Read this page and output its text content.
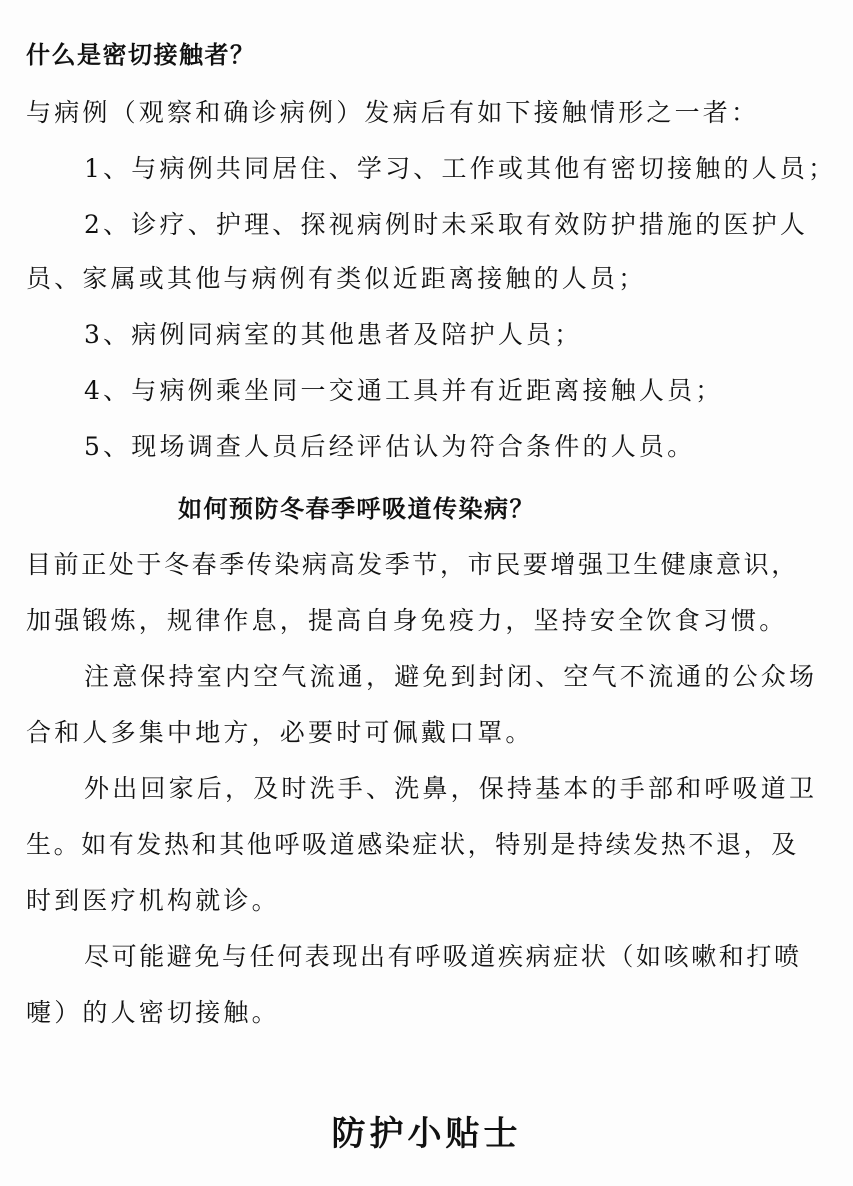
什么是密切接触者？
与病例（观察和确诊病例）发病后有如下接触情形之一者：
1、与病例共同居住、学习、工作或其他有密切接触的人员；
2、诊疗、护理、探视病例时未采取有效防护措施的医护人
员、家属或其他与病例有类似近距离接触的人员；
3、病例同病室的其他患者及陪护人员；
4、与病例乘坐同一交通工具并有近距离接触人员；
5、现场调查人员后经评估认为符合条件的人员。
如何预防冬春季呼吸道传染病？
目前正处于冬春季传染病高发季节，市民要增强卫生健康意识，
加强锻炼，规律作息，提高自身免疫力，坚持安全饮食习惯。
注意保持室内空气流通，避免到封闭、空气不流通的公众场
合和人多集中地方，必要时可佩戴口罩。
外出回家后，及时洗手、洗鼻，保持基本的手部和呼吸道卫
生。如有发热和其他呼吸道感染症状，特别是持续发热不退，及
时到医疗机构就诊。
尽可能避免与任何表现出有呼吸道疾病症状（如咳嗽和打喷
嚏）的人密切接触。
防护小贴士
